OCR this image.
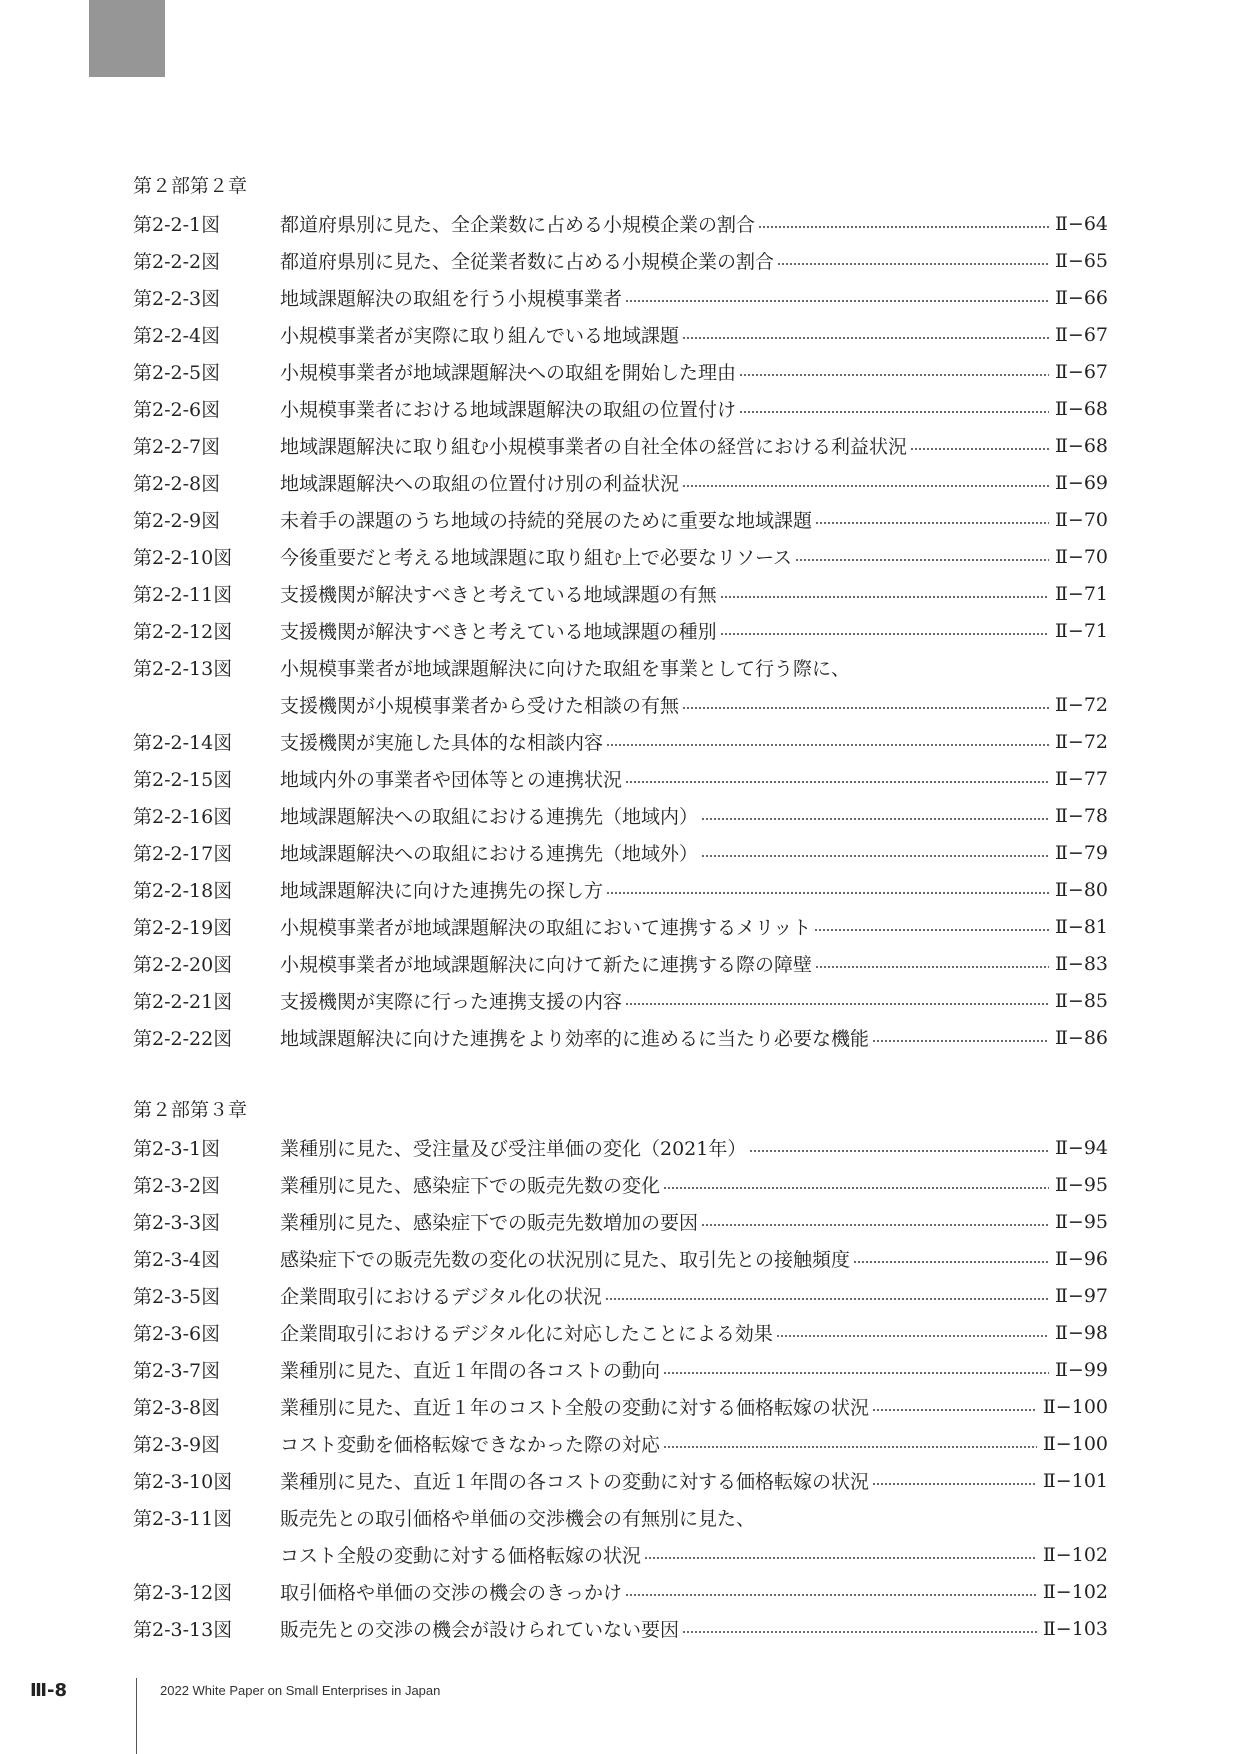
第２部第２章
第2-2-1図	都道府県別に見た、全企業数に占める小規模企業の割合	Ⅱ−64
第2-2-2図	都道府県別に見た、全従業者数に占める小規模企業の割合	Ⅱ−65
第2-2-3図	地域課題解決の取組を行う小規模事業者	Ⅱ−66
第2-2-4図	小規模事業者が実際に取り組んでいる地域課題	Ⅱ−67
第2-2-5図	小規模事業者が地域課題解決への取組を開始した理由	Ⅱ−67
第2-2-6図	小規模事業者における地域課題解決の取組の位置付け	Ⅱ−68
第2-2-7図	地域課題解決に取り組む小規模事業者の自社全体の経営における利益状況	Ⅱ−68
第2-2-8図	地域課題解決への取組の位置付け別の利益状況	Ⅱ−69
第2-2-9図	未着手の課題のうち地域の持続的発展のために重要な地域課題	Ⅱ−70
第2-2-10図	今後重要だと考える地域課題に取り組む上で必要なリソース	Ⅱ−70
第2-2-11図	支援機関が解決すべきと考えている地域課題の有無	Ⅱ−71
第2-2-12図	支援機関が解決すべきと考えている地域課題の種別	Ⅱ−71
第2-2-13図	小規模事業者が地域課題解決に向けた取組を事業として行う際に、
支援機関が小規模事業者から受けた相談の有無	Ⅱ−72
第2-2-14図	支援機関が実施した具体的な相談内容	Ⅱ−72
第2-2-15図	地域内外の事業者や団体等との連携状況	Ⅱ−77
第2-2-16図	地域課題解決への取組における連携先（地域内）	Ⅱ−78
第2-2-17図	地域課題解決への取組における連携先（地域外）	Ⅱ−79
第2-2-18図	地域課題解決に向けた連携先の探し方	Ⅱ−80
第2-2-19図	小規模事業者が地域課題解決の取組において連携するメリット	Ⅱ−81
第2-2-20図	小規模事業者が地域課題解決に向けて新たに連携する際の障壁	Ⅱ−83
第2-2-21図	支援機関が実際に行った連携支援の内容	Ⅱ−85
第2-2-22図	地域課題解決に向けた連携をより効率的に進めるに当たり必要な機能	Ⅱ−86
第２部第３章
第2-3-1図	業種別に見た、受注量及び受注単価の変化（2021年）	Ⅱ−94
第2-3-2図	業種別に見た、感染症下での販売先数の変化	Ⅱ−95
第2-3-3図	業種別に見た、感染症下での販売先数増加の要因	Ⅱ−95
第2-3-4図	感染症下での販売先数の変化の状況別に見た、取引先との接触頻度	Ⅱ−96
第2-3-5図	企業間取引におけるデジタル化の状況	Ⅱ−97
第2-3-6図	企業間取引におけるデジタル化に対応したことによる効果	Ⅱ−98
第2-3-7図	業種別に見た、直近１年間の各コストの動向	Ⅱ−99
第2-3-8図	業種別に見た、直近１年のコスト全般の変動に対する価格転嫁の状況	Ⅱ−100
第2-3-9図	コスト変動を価格転嫁できなかった際の対応	Ⅱ−100
第2-3-10図	業種別に見た、直近１年間の各コストの変動に対する価格転嫁の状況	Ⅱ−101
第2-3-11図	販売先との取引価格や単価の交渉機会の有無別に見た、
コスト全般の変動に対する価格転嫁の状況	Ⅱ−102
第2-3-12図	取引価格や単価の交渉の機会のきっかけ	Ⅱ−102
第2-3-13図	販売先との交渉の機会が設けられていない要因	Ⅱ−103
Ⅲ-8	2022 White Paper on Small Enterprises in Japan
